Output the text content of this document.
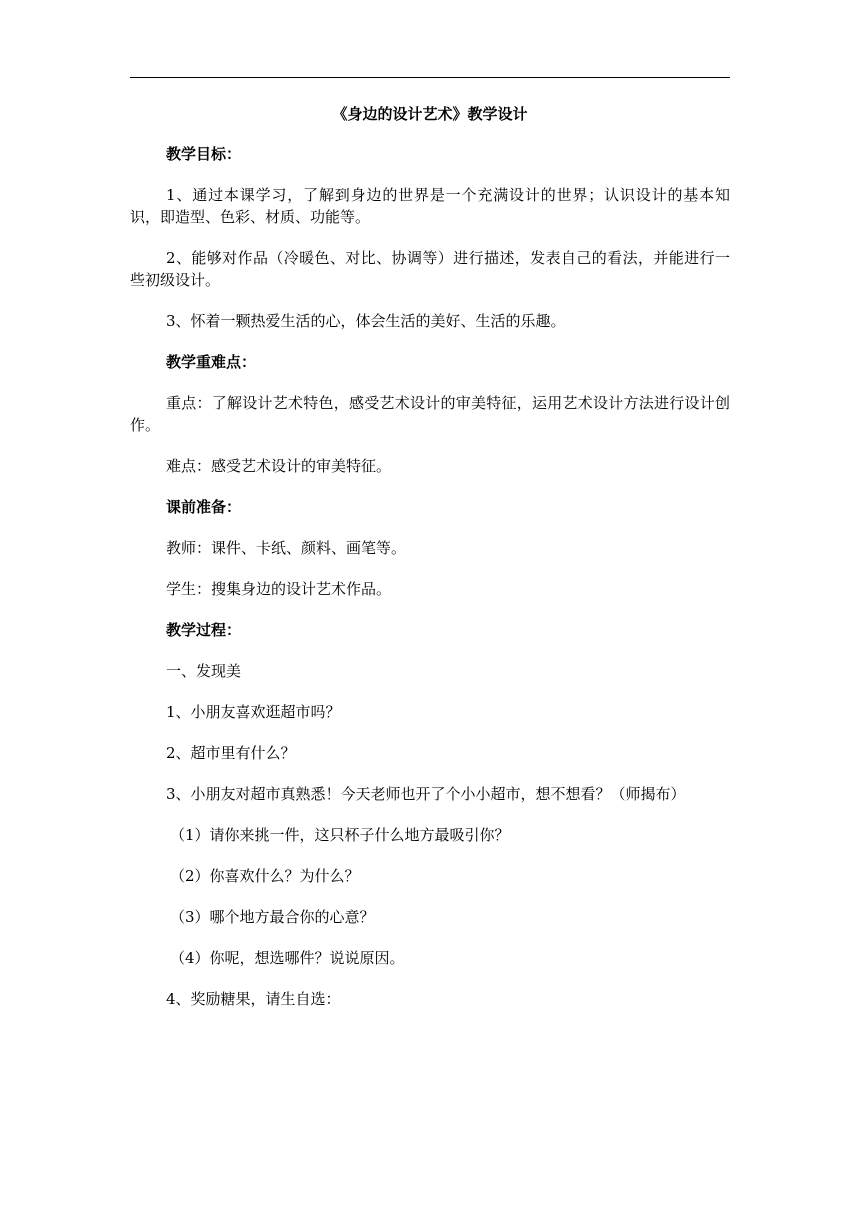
《身边的设计艺术》教学设计

教学目标：

1、通过本课学习，了解到身边的世界是一个充满设计的世界；认识设计的基本知识，即造型、色彩、材质、功能等。

2、能够对作品（冷暖色、对比、协调等）进行描述，发表自己的看法，并能进行一些初级设计。

3、怀着一颗热爱生活的心，体会生活的美好、生活的乐趣。

教学重难点：

重点：了解设计艺术特色，感受艺术设计的审美特征，运用艺术设计方法进行设计创作。

难点：感受艺术设计的审美特征。

课前准备：

教师：课件、卡纸、颜料、画笔等。

学生：搜集身边的设计艺术作品。

教学过程：

一、发现美

1、小朋友喜欢逛超市吗？

2、超市里有什么？

3、小朋友对超市真熟悉！今天老师也开了个小小超市，想不想看？（师揭布）

（1）请你来挑一件，这只杯子什么地方最吸引你？

（2）你喜欢什么？为什么？

（3）哪个地方最合你的心意？

（4）你呢，想选哪件？说说原因。

4、奖励糖果，请生自选：
